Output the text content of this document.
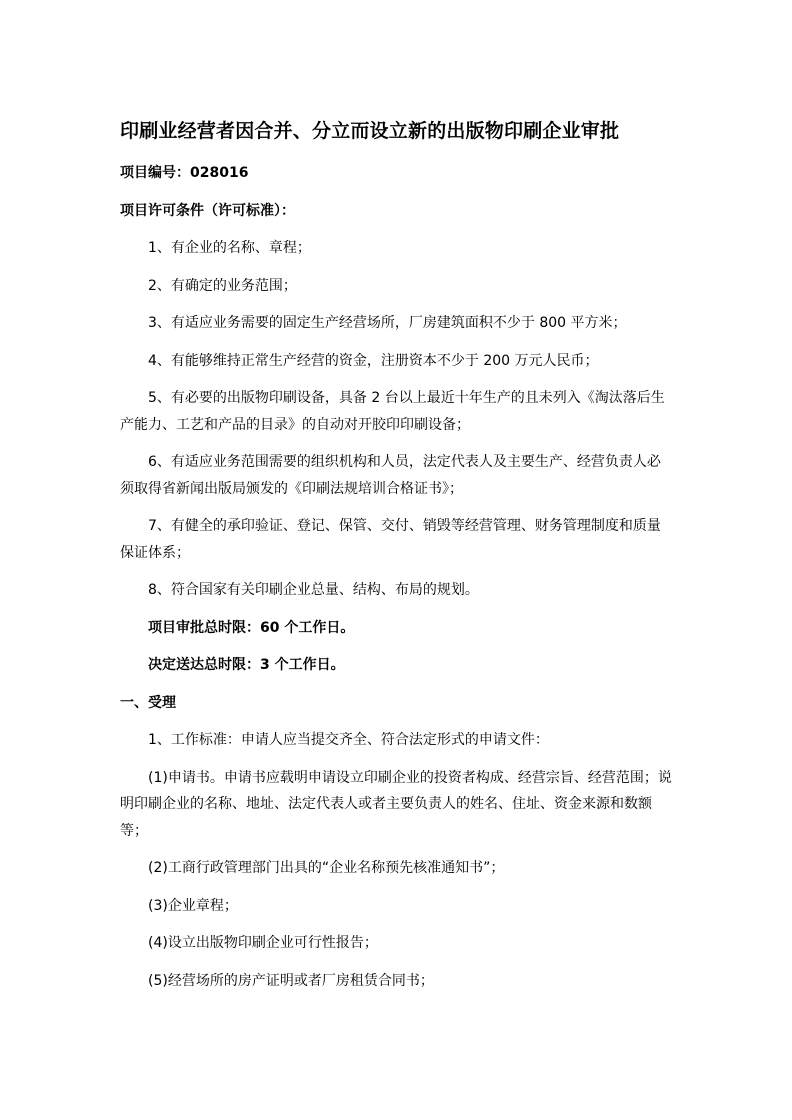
印刷业经营者因合并、分立而设立新的出版物印刷企业审批

项目编号：028016

项目许可条件（许可标准）：

1、有企业的名称、章程；

2、有确定的业务范围；

3、有适应业务需要的固定生产经营场所，厂房建筑面积不少于 800 平方米；

4、有能够维持正常生产经营的资金，注册资本不少于 200 万元人民币；

5、有必要的出版物印刷设备，具备 2 台以上最近十年生产的且未列入《淘汰落后生产能力、工艺和产品的目录》的自动对开胶印印刷设备；

6、有适应业务范围需要的组织机构和人员，法定代表人及主要生产、经营负责人必须取得省新闻出版局颁发的《印刷法规培训合格证书》；

7、有健全的承印验证、登记、保管、交付、销毁等经营管理、财务管理制度和质量保证体系；

8、符合国家有关印刷企业总量、结构、布局的规划。

项目审批总时限：60 个工作日。

决定送达总时限：3 个工作日。

一、受理

1、工作标准：申请人应当提交齐全、符合法定形式的申请文件：

(1)申请书。申请书应载明申请设立印刷企业的投资者构成、经营宗旨、经营范围；说明印刷企业的名称、地址、法定代表人或者主要负责人的姓名、住址、资金来源和数额等；

(2)工商行政管理部门出具的“企业名称预先核准通知书”；

(3)企业章程；

(4)设立出版物印刷企业可行性报告；

(5)经营场所的房产证明或者厂房租赁合同书；
